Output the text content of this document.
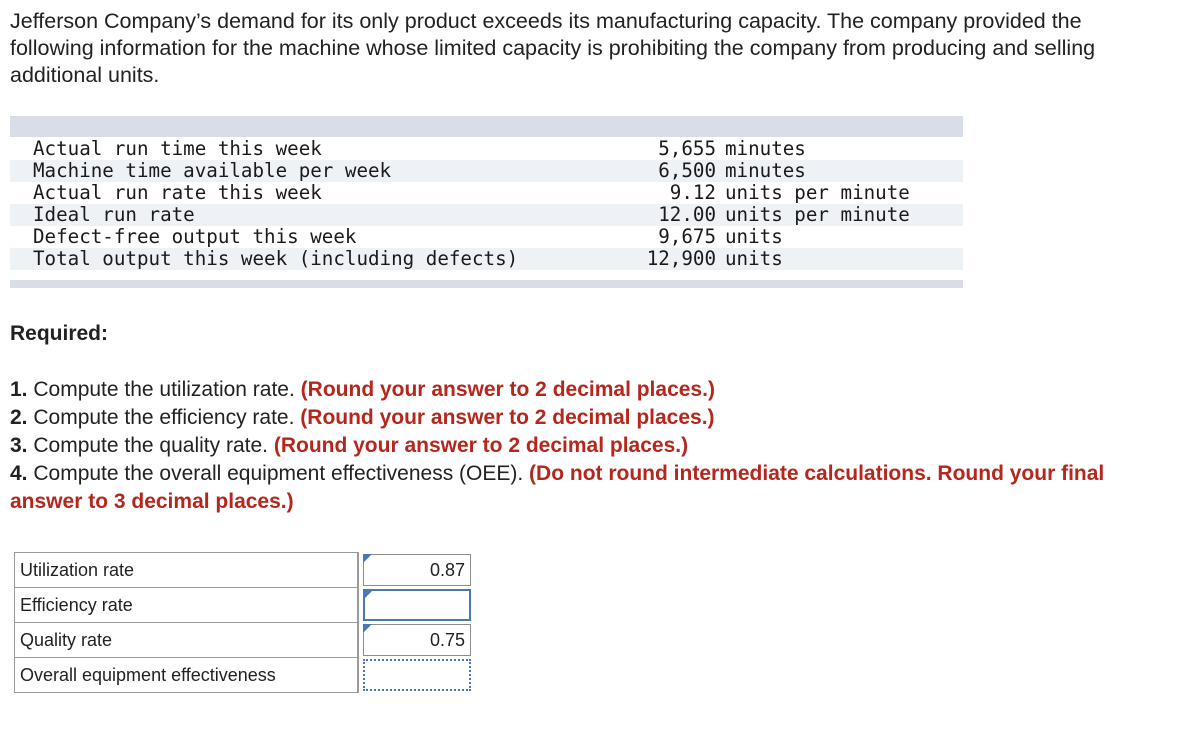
Jefferson Company’s demand for its only product exceeds its manufacturing capacity. The company provided the following information for the machine whose limited capacity is prohibiting the company from producing and selling additional units.

Actual run time this week	5,655 minutes
Machine time available per week	6,500 minutes
Actual run rate this week	9.12 units per minute
Ideal run rate	12.00 units per minute
Defect-free output this week	9,675 units
Total output this week (including defects)	12,900 units

Required:

1. Compute the utilization rate. (Round your answer to 2 decimal places.)
2. Compute the efficiency rate. (Round your answer to 2 decimal places.)
3. Compute the quality rate. (Round your answer to 2 decimal places.)
4. Compute the overall equipment effectiveness (OEE). (Do not round intermediate calculations. Round your final answer to 3 decimal places.)
Utilization rate	0.87

Efficiency rate	

Quality rate	0.75

Overall equipment effectiveness	
